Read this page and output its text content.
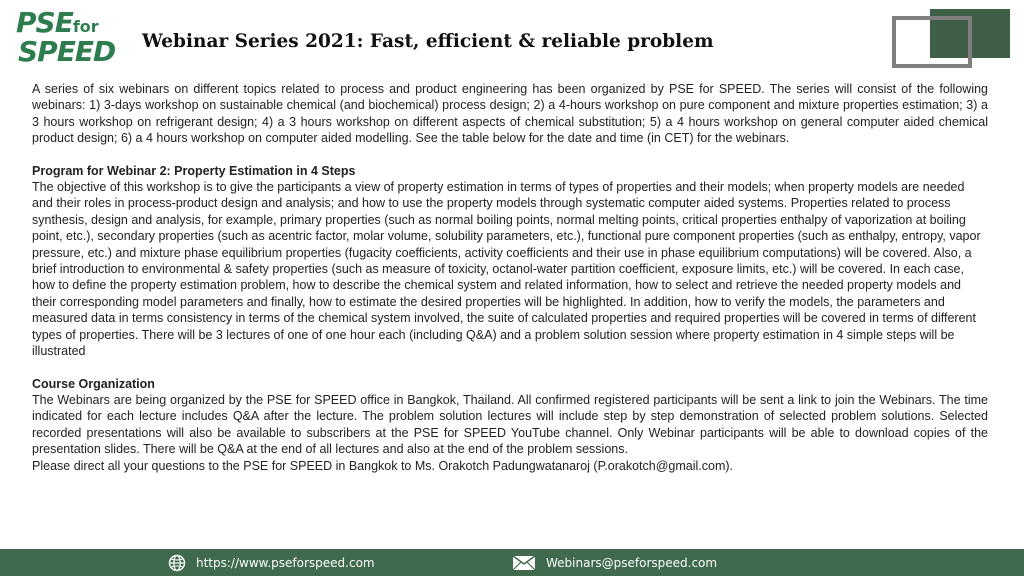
PSEfor
SPEED Webinar Series 2021: Fast, efficient & reliable problem

A series of six webinars on different topics related to process and product engineering has been organized by PSE for SPEED. The series will consist of the following webinars: 1) 3-days workshop on sustainable chemical (and biochemical) process design; 2) a 4-hours workshop on pure component and mixture properties estimation; 3) a 3 hours workshop on refrigerant design; 4) a 3 hours workshop on different aspects of chemical substitution; 5) a 4 hours workshop on general computer aided chemical product design; 6) a 4 hours workshop on computer aided modelling. See the table below for the date and time (in CET) for the webinars.

Program for Webinar 2: Property Estimation in 4 Steps

The objective of this workshop is to give the participants a view of property estimation in terms of types of properties and their models; when property models are needed and their roles in process-product design and analysis; and how to use the property models through systematic computer aided systems. Properties related to process synthesis, design and analysis, for example, primary properties (such as normal boiling points, normal melting points, critical properties enthalpy of vaporization at boiling point, etc.), secondary properties (such as acentric factor, molar volume, solubility parameters, etc.), functional pure component properties (such as enthalpy, entropy, vapor pressure, etc.) and mixture phase equilibrium properties (fugacity coefficients, activity coefficients and their use in phase equilibrium computations) will be covered. Also, a brief introduction to environmental & safety properties (such as measure of toxicity, octanol-water partition coefficient, exposure limits, etc.) will be covered. In each case, how to define the property estimation problem, how to describe the chemical system and related information, how to select and retrieve the needed property models and their corresponding model parameters and finally, how to estimate the desired properties will be highlighted. In addition, how to verify the models, the parameters and measured data in terms consistency in terms of the chemical system involved, the suite of calculated properties and required properties will be covered in terms of different types of properties. There will be 3 lectures of one of one hour each (including Q&A) and a problem solution session where property estimation in 4 simple steps will be illustrated

Course Organization

The Webinars are being organized by the PSE for SPEED office in Bangkok, Thailand. All confirmed registered participants will be sent a link to join the Webinars. The time indicated for each lecture includes Q&A after the lecture. The problem solution lectures will include step by step demonstration of selected problem solutions. Selected recorded presentations will also be available to subscribers at the PSE for SPEED YouTube channel. Only Webinar participants will be able to download copies of the presentation slides. There will be Q&A at the end of all lectures and also at the end of the problem sessions.

Please direct all your questions to the PSE for SPEED in Bangkok to Ms. Orakotch Padungwatanaroj (P.orakotch@gmail.com).

https://www.pseforspeed.com	Webinars@pseforspeed.com
